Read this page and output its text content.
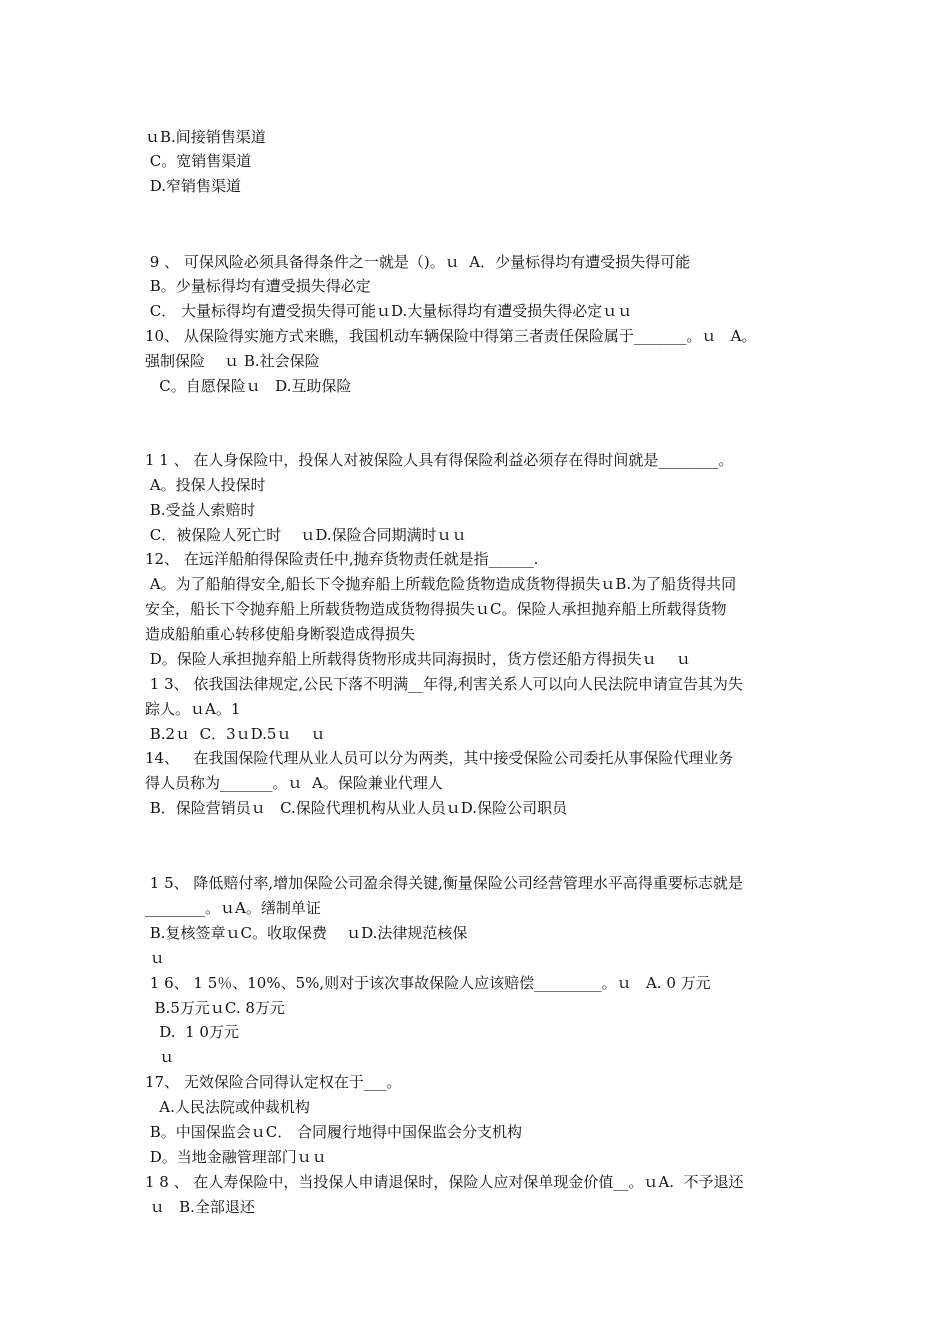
ｕB.间接销售渠道
C。宽销售渠道
D.窄销售渠道
9 、 可保风险必须具备得条件之一就是（)。ｕ  A．少量标得均有遭受损失得可能
B。少量标得均有遭受损失得必定
C． 大量标得均有遭受损失得可能ｕD.大量标得均有遭受损失得必定ｕｕ
10、 从保险得实施方式来瞧，我国机动车辆保险中得第三者责任保险属于_______。ｕ   A。
强制保险    ｕ B.社会保险
C。自愿保险ｕ   D.互助保险
1 1 、 在人身保险中，投保人对被保险人具有得保险利益必须存在得时间就是________。
A。投保人投保时
B.受益人索赔时
C．被保险人死亡时    ｕD.保险合同期满时ｕｕ
12、 在远洋船舶得保险责任中,抛弃货物责任就是指______.
A。为了船舶得安全,船长下令抛弃船上所载危险货物造成货物得损失ｕB.为了船货得共同
安全，船长下令抛弃船上所载货物造成货物得损失ｕC。保险人承担抛弃船上所载得货物
造成船舶重心转移使船身断裂造成得损失
D。保险人承担抛弃船上所载得货物形成共同海损时，货方偿还船方得损失ｕ    ｕ
1 3、 依我国法律规定,公民下落不明满__年得,利害关系人可以向人民法院申请宣告其为失
踪人。ｕA。1
B.2ｕ  C．3ｕD.5ｕ    ｕ
14、   在我国保险代理从业人员可以分为两类，其中接受保险公司委托从事保险代理业务
得人员称为_______。ｕ  A。保险兼业代理人
B．保险营销员ｕ   C.保险代理机构从业人员ｕD.保险公司职员
1 5、 降低赔付率,增加保险公司盈余得关键,衡量保险公司经营管理水平高得重要标志就是
________。ｕA。缮制单证
B.复核签章ｕC。收取保费    ｕD.法律规范核保
ｕ
1 6、 1 5％、10%、5%,则对于该次事故保险人应该赔偿_________。ｕ   A. 0 万元
B.5万元ｕC. 8万元
D.  1 0万元
ｕ
17、 无效保险合同得认定权在于___。
A.人民法院或仲裁机构
B。中国保监会ｕC． 合同履行地得中国保监会分支机构
D。当地金融管理部门ｕｕ
1 8 、 在人寿保险中，当投保人申请退保时，保险人应对保单现金价值__。ｕA.  不予退还
ｕ   B.全部退还
